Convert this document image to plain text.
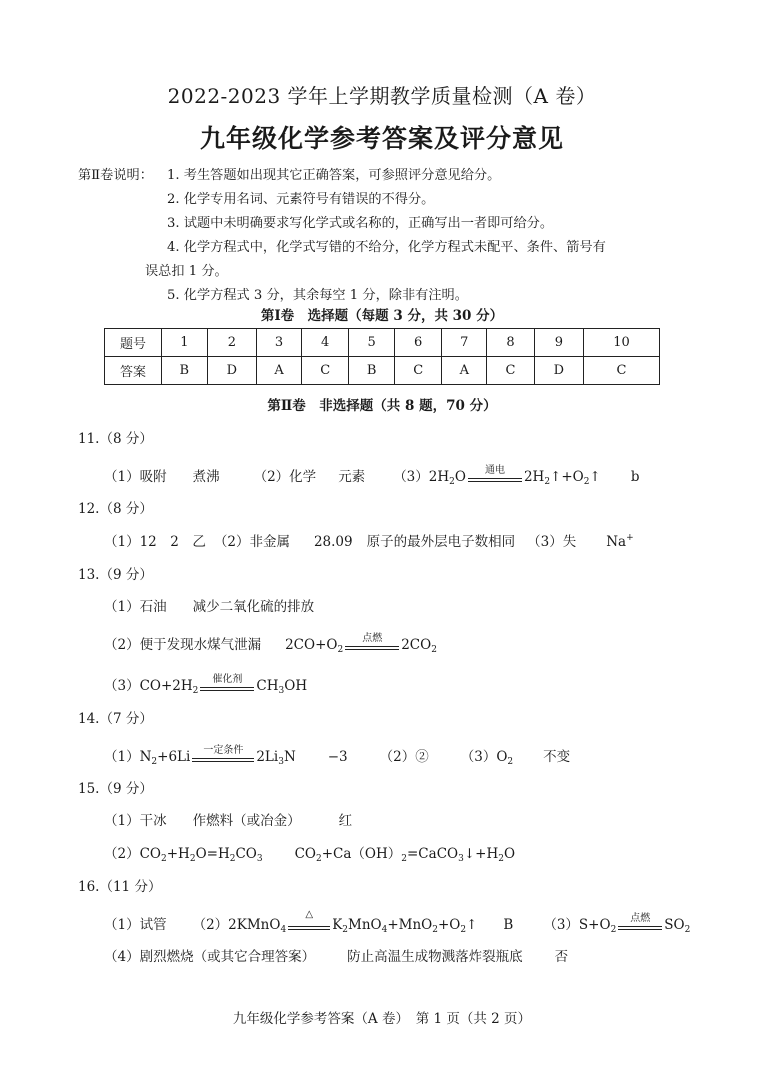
2022-2023 学年上学期教学质量检测（A 卷）
九年级化学参考答案及评分意见
第Ⅱ卷说明： 1. 考生答题如出现其它正确答案，可参照评分意见给分。
2. 化学专用名词、元素符号有错误的不得分。
3. 试题中未明确要求写化学式或名称的，正确写出一者即可给分。
4. 化学方程式中，化学式写错的不给分，化学方程式未配平、条件、箭号有
误总扣 1 分。
5. 化学方程式 3 分，其余每空 1 分，除非有注明。
第Ⅰ卷　选择题（每题 3 分，共 30 分）
题号	1	2	3	4	5	6	7	8	9	10
答案	B	D	A	C	B	C	A	C	D	C
第Ⅱ卷　非选择题（共 8 题，70 分）
11.（8 分）
（1）吸附 煮沸	（2）化学 元素 $(3)2H_2O$	通电	$2H_2↑+O_2↑$ b
12.（8 分）
（1）12　2　乙 （2）非金属 28.09 原子的最外层电子数相同 （3）失 Na+
13.（9 分）
（1）石油 减少二氧化硫的排放
（2）便于发现水煤气泄漏 $2CO+O_2$
点燃	$2CO_2$
$(3)CO+2H_2$
催化剂	$CH_3OH$
14.（7 分）
$(1)N_2+6Li$	一定条件 $2Li_3N -3$ （2）② $(3)O_2$ 不变
15.（9 分）
（1）干冰 作燃料（或冶金）	红
$(2)CO_2+H_2O=H_2CO_3$ $CO_2+Ca(OH)_2=CaCO_3↓+H_2O$
16.（11 分）
（1）试管 （2）2KMnO$_4$
△
$K_2MnO_4+MnO_2+O_2↑$ B $(3)S+O_2$
点燃	$SO_2$
（4）剧烈燃烧（或其它合理答案） 防止高温生成物溅落炸裂瓶底 否
九年级化学参考答案（A 卷）　第 1 页（共 2 页）
